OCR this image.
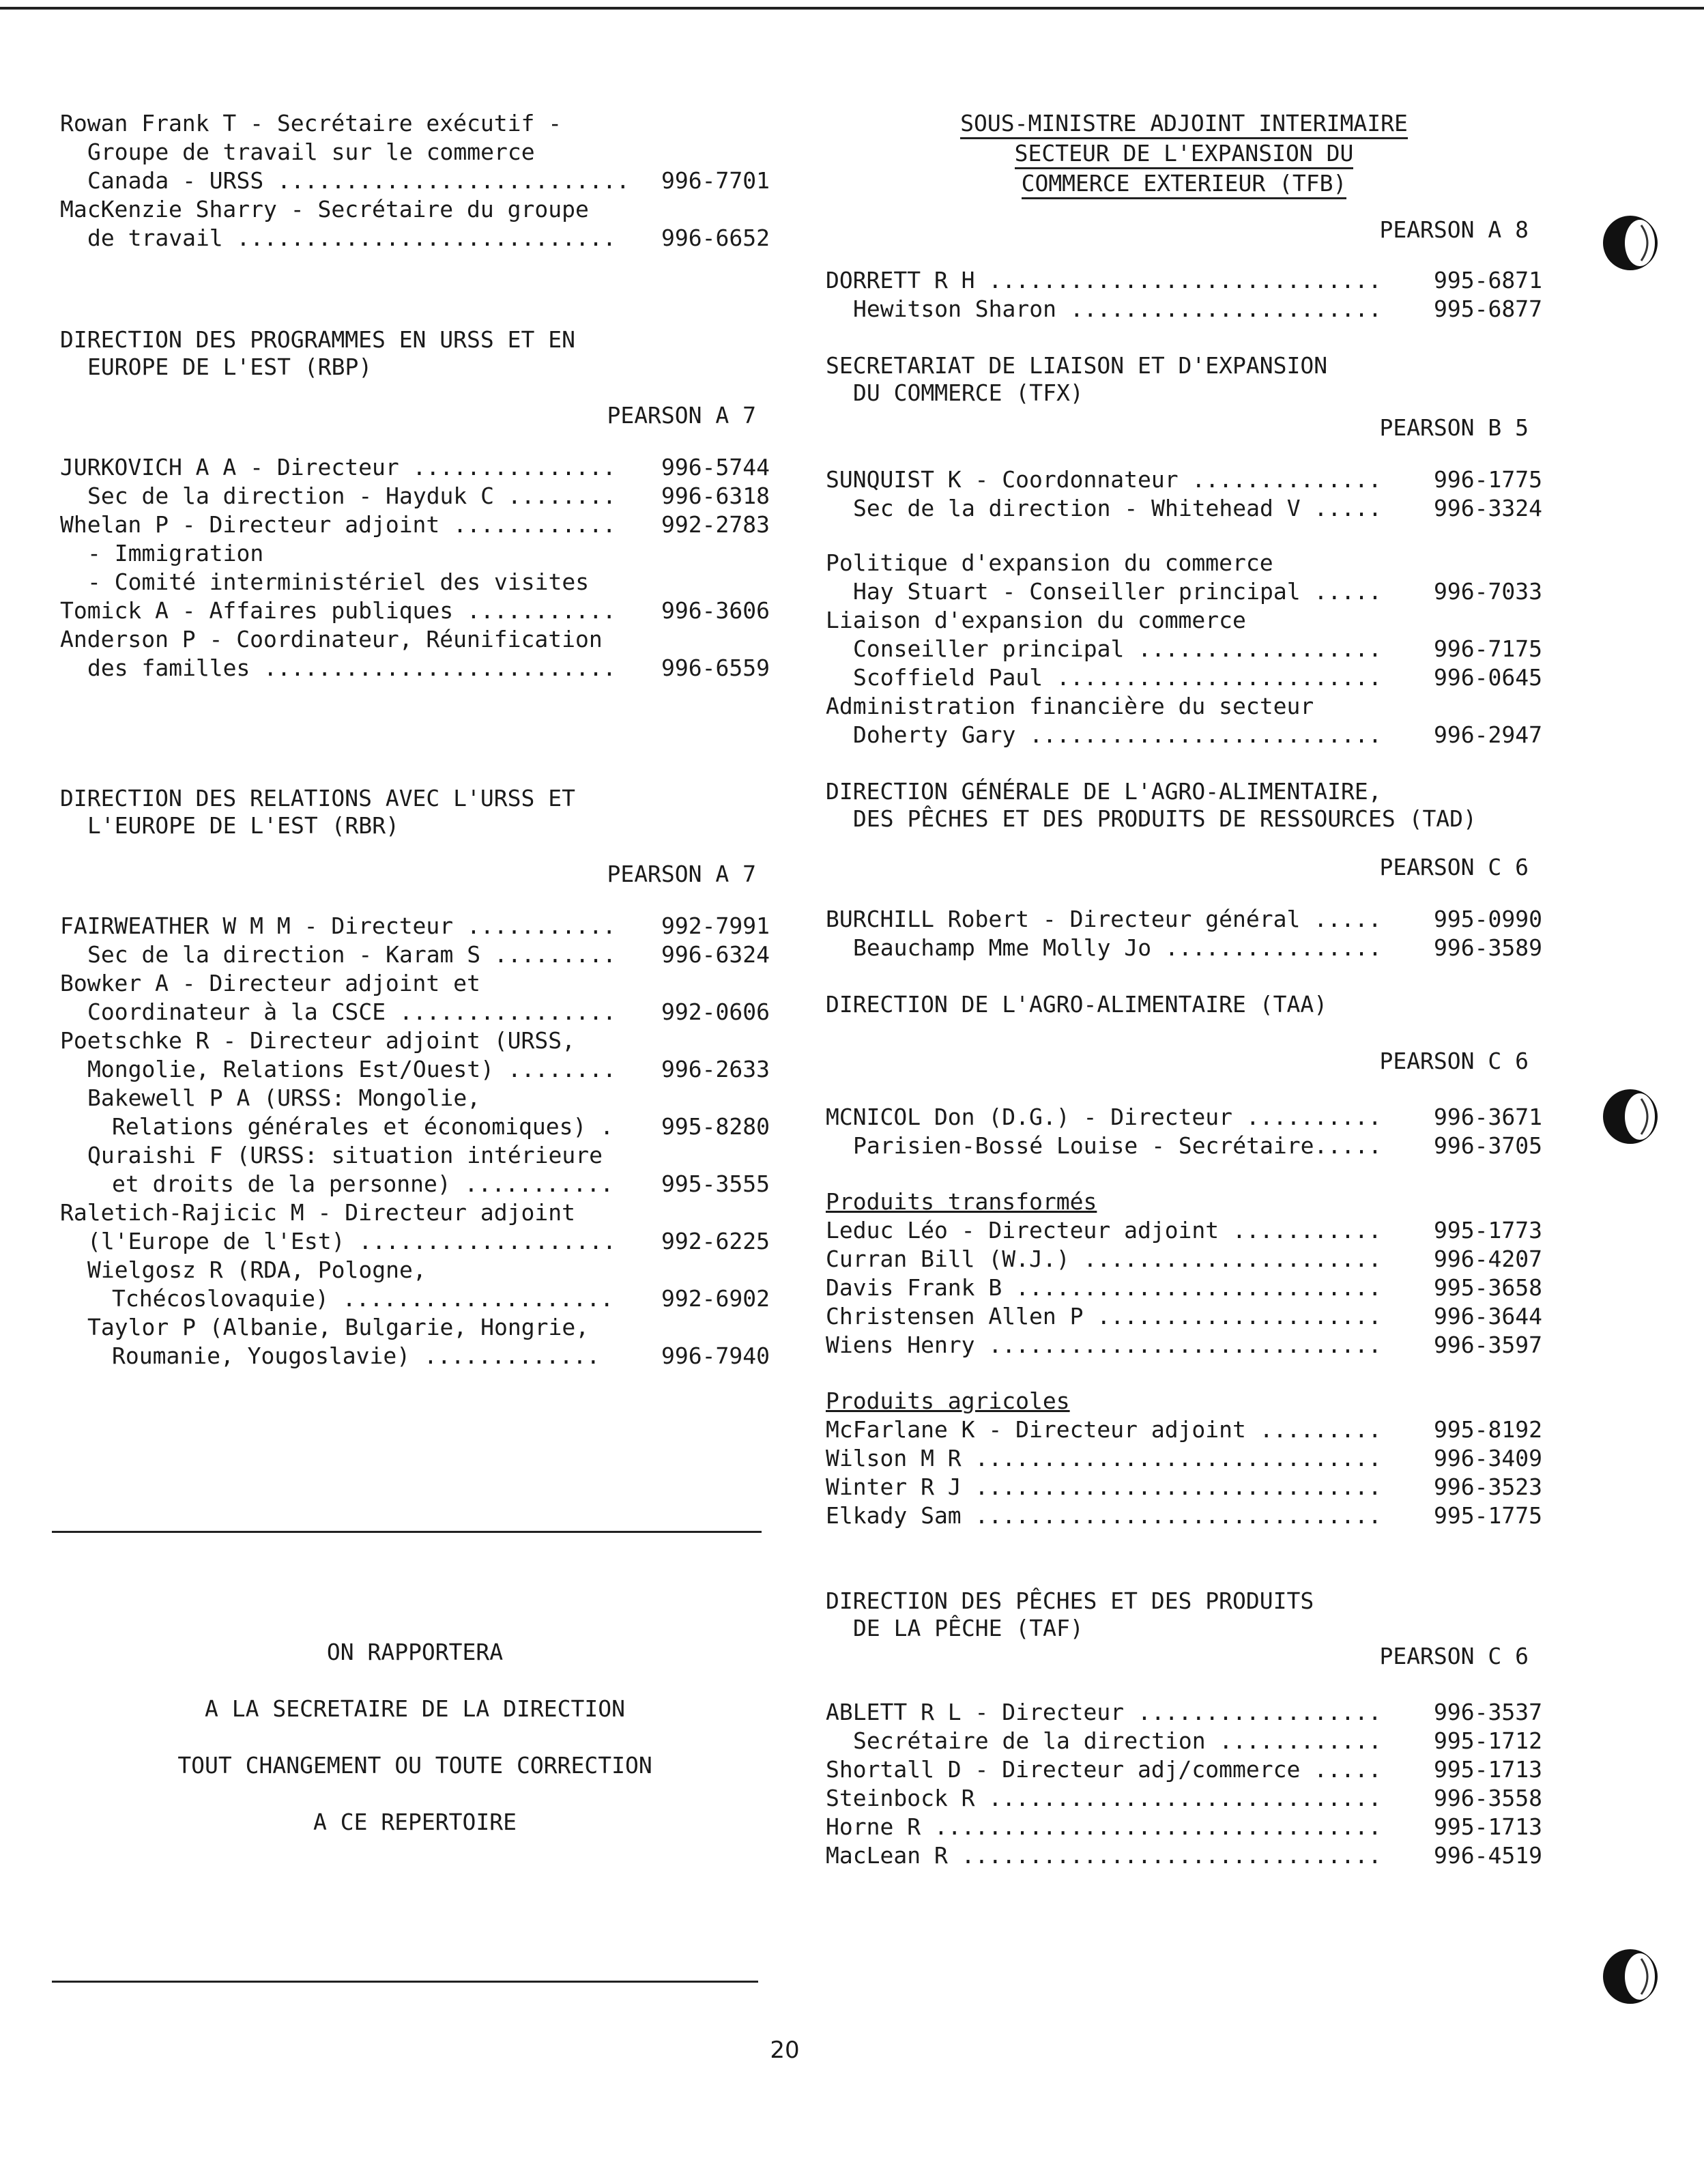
Rowan Frank T - Secrétaire exécutif -
Groupe de travail sur le commerce
Canada - URSS .......................... 996-7701
MacKenzie Sharry - Secrétaire du groupe
de travail ............................ 996-6652
DIRECTION DES PROGRAMMES EN URSS ET EN
EUROPE DE L'EST (RBP)
PEARSON A 7
JURKOVICH A A - Directeur ............... 996-5744
Sec de la direction - Hayduk C ........ 996-6318
Whelan P - Directeur adjoint ............ 992-2783
- Immigration
- Comité interministériel des visites
Tomick A - Affaires publiques ........... 996-3606
Anderson P - Coordinateur, Réunification
des familles .......................... 996-6559
DIRECTION DES RELATIONS AVEC L'URSS ET
L'EUROPE DE L'EST (RBR)
PEARSON A 7
FAIRWEATHER W M M - Directeur ........... 992-7991
Sec de la direction - Karam S ......... 996-6324
Bowker A - Directeur adjoint et
Coordinateur à la CSCE ................ 992-0606
Poetschke R - Directeur adjoint (URSS,
Mongolie, Relations Est/Ouest) ........ 996-2633
Bakewell P A (URSS: Mongolie,
Relations générales et économiques) . 995-8280
Quraishi F (URSS: situation intérieure
et droits de la personne) ........... 995-3555
Raletich-Rajicic M - Directeur adjoint
(l'Europe de l'Est) ................... 992-6225
Wielgosz R (RDA, Pologne,
Tchécoslovaquie) .................... 992-6902
Taylor P (Albanie, Bulgarie, Hongrie,
Roumanie, Yougoslavie) .............	996-7940
ON RAPPORTERA
A LA SECRETAIRE DE LA DIRECTION
TOUT CHANGEMENT OU TOUTE CORRECTION
A CE REPERTOIRE
SOUS-MINISTRE ADJOINT INTERIMAIRE
SECTEUR DE L'EXPANSION DU
COMMERCE EXTERIEUR (TFB)
PEARSON A 8
DORRETT R H ............................. 995-6871
Hewitson Sharon ....................... 995-6877
SECRETARIAT DE LIAISON ET D'EXPANSION
DU COMMERCE (TFX)
PEARSON B 5
SUNQUIST K - Coordonnateur .............. 996-1775
Sec de la direction - Whitehead V ..... 996-3324
Politique d'expansion du commerce
Hay Stuart - Conseiller principal ..... 996-7033
Liaison d'expansion du commerce
Conseiller principal .................. 996-7175
Scoffield Paul ........................ 996-0645
Administration financière du secteur
Doherty Gary .......................... 996-2947
DIRECTION GÉNÉRALE DE L'AGRO-ALIMENTAIRE,
DES PÊCHES ET DES PRODUITS DE RESSOURCES (TAD)
PEARSON C 6
BURCHILL Robert - Directeur général ..... 995-0990
Beauchamp Mme Molly Jo ................ 996-3589
DIRECTION DE L'AGRO-ALIMENTAIRE (TAA)
PEARSON C 6
MCNICOL Don (D.G.) - Directeur .......... 996-3671
Parisien-Bossé Louise - Secrétaire..... 996-3705
Produits transformés
Leduc Léo - Directeur adjoint ........... 995-1773
Curran Bill (W.J.) ...................... 996-4207
Davis Frank B ........................... 995-3658
Christensen Allen P ..................... 996-3644
Wiens Henry ............................. 996-3597
Produits agricoles
McFarlane K - Directeur adjoint ......... 995-8192
Wilson M R .............................. 996-3409
Winter R J .............................. 996-3523
Elkady Sam .............................. 995-1775
DIRECTION DES PÊCHES ET DES PRODUITS
DE LA PÊCHE (TAF)
PEARSON C 6
ABLETT R L - Directeur .................. 996-3537
Secrétaire de la direction ............ 995-1712
Shortall D - Directeur adj/commerce ..... 995-1713
Steinbock R ............................. 996-3558
Horne R ................................. 995-1713
MacLean R ............................... 996-4519
20
